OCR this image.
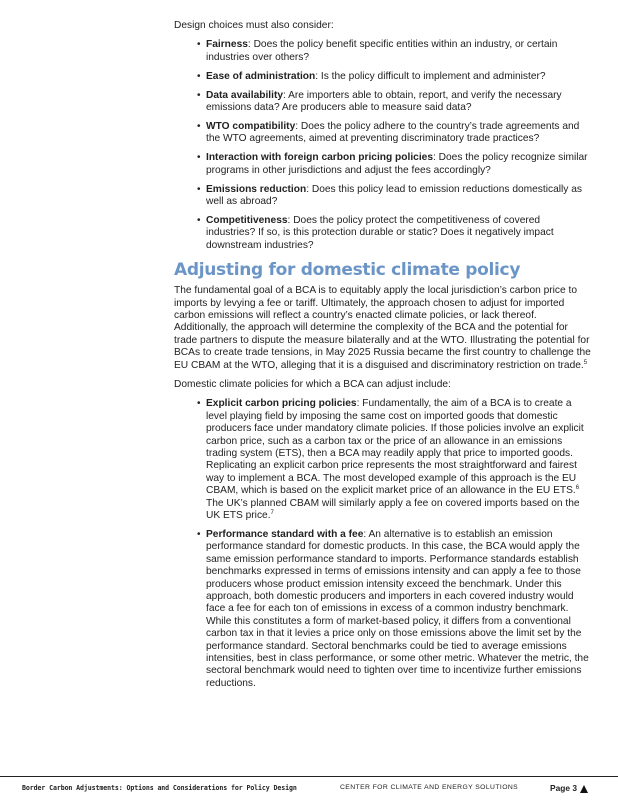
Design choices must also consider:

• Fairness: Does the policy benefit specific entities within an industry, or certain industries over others?
• Ease of administration: Is the policy difficult to implement and administer?
• Data availability: Are importers able to obtain, report, and verify the necessary emissions data? Are producers able to measure said data?
• WTO compatibility: Does the policy adhere to the country’s trade agreements and the WTO agreements, aimed at preventing discriminatory trade practices?
• Interaction with foreign carbon pricing policies: Does the policy recognize similar programs in other jurisdictions and adjust the fees accordingly?
• Emissions reduction: Does this policy lead to emission reductions domestically as well as abroad?
• Competitiveness: Does the policy protect the competitiveness of covered industries? If so, is this protection durable or static? Does it negatively impact downstream industries?
Adjusting for domestic climate policy

The fundamental goal of a BCA is to equitably apply the local jurisdiction’s carbon price to imports by levying a fee or tariff. Ultimately, the approach chosen to adjust for imported carbon emissions will reflect a country’s enacted climate policies, or lack thereof. Additionally, the approach will determine the complexity of the BCA and the potential for trade partners to dispute the measure bilaterally and at the WTO. Illustrating the potential for BCAs to create trade tensions, in May 2025 Russia became the first country to challenge the EU CBAM at the WTO, alleging that it is a disguised and discriminatory restriction on trade.$^5$

Domestic climate policies for which a BCA can adjust include:

• Explicit carbon pricing policies: Fundamentally, the aim of a BCA is to create a level playing field by imposing the same cost on imported goods that domestic producers face under mandatory climate policies. If those policies involve an explicit carbon price, such as a carbon tax or the price of an allowance in an emissions trading system (ETS), then a BCA may readily apply that price to imported goods. Replicating an explicit carbon price represents the most straightforward and fairest way to implement a BCA. The most developed example of this approach is the EU CBAM, which is based on the explicit market price of an allowance in the EU ETS.$^6$ The UK’s planned CBAM will similarly apply a fee on covered imports based on the UK ETS price.$^7$
• Performance standard with a fee: An alternative is to establish an emission performance standard for domestic products. In this case, the BCA would apply the same emission performance standard to imports. Performance standards establish benchmarks expressed in terms of emissions intensity and can apply a fee to those producers whose product emission intensity exceed the benchmark. Under this approach, both domestic producers and importers in each covered industry would face a fee for each ton of emissions in excess of a common industry benchmark. While this constitutes a form of market-based policy, it differs from a conventional carbon tax in that it levies a price only on those emissions above the limit set by the performance standard. Sectoral benchmarks could be tied to average emissions intensities, best in class performance, or some other metric. Whatever the metric, the sectoral benchmark would need to tighten over time to incentivize further emissions reductions.
Border Carbon Adjustments: Options and Considerations for Policy Design	CENTER FOR CLIMATE AND ENERGY SOLUTIONS	Page 3
